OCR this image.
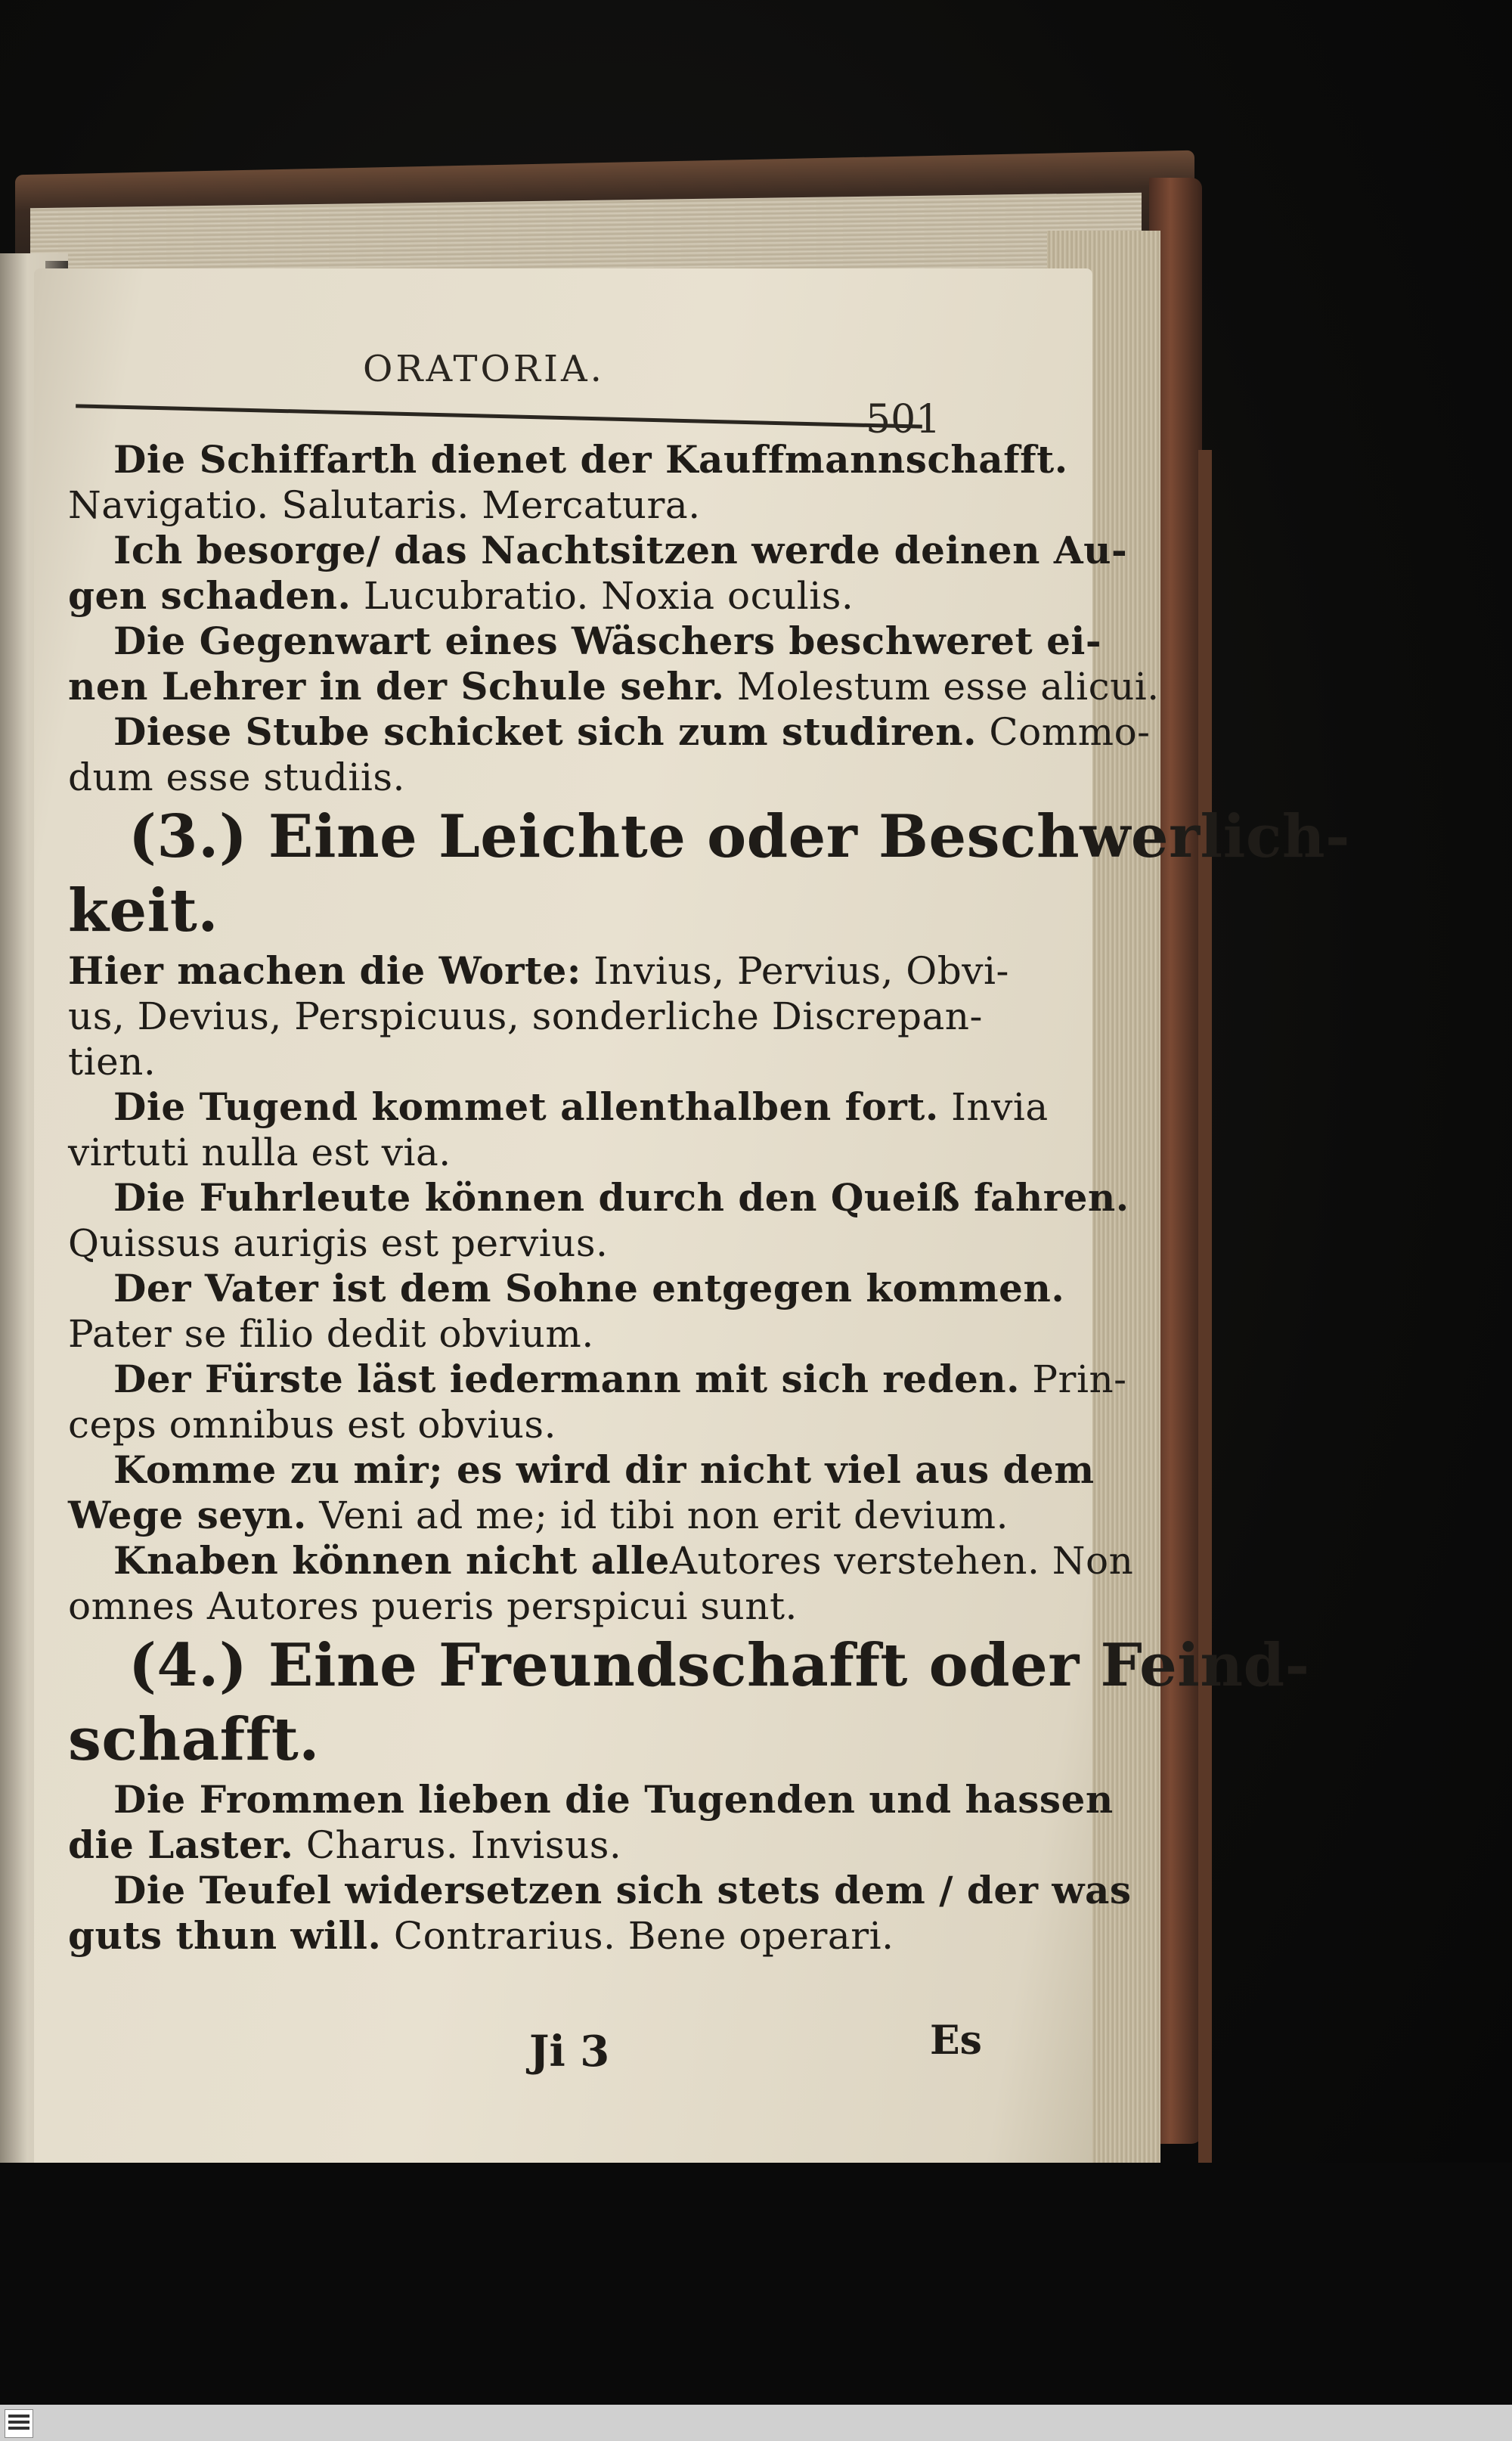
ORATORIA.
501
Die Schiffarth dienet der Kauffmannschafft.
Navigatio. Salutaris. Mercatura.
Ich besorge/ das Nachtsitzen werde deinen Au-
gen schaden. Lucubratio. Noxia oculis.
Die Gegenwart eines Wäschers beschweret ei-
nen Lehrer in der Schule sehr. Molestum esse alicui.
Diese Stube schicket sich zum studiren. Commo-
dum esse studiis.
(3.) Eine Leichte oder Beschwerlich-
keit.
Hier machen die Worte: Invius, Pervius, Obvi-
us, Devius, Perspicuus, sonderliche Discrepan-
tien.
Die Tugend kommet allenthalben fort. Invia
virtuti nulla est via.
Die Fuhrleute können durch den Queiß fahren.
Quissus aurigis est pervius.
Der Vater ist dem Sohne entgegen kommen.
Pater se filio dedit obvium.
Der Fürste läst iedermann mit sich reden. Prin-
ceps omnibus est obvius.
Komme zu mir; es wird dir nicht viel aus dem
Wege seyn. Veni ad me; id tibi non erit devium.
Knaben können nicht alleAutores verstehen. Non
omnes Autores pueris perspicui sunt.
(4.) Eine Freundschafft oder Feind-
schafft.
Die Frommen lieben die Tugenden und hassen
die Laster. Charus. Invisus.
Die Teufel widersetzen sich stets dem / der was
guts thun will. Contrarius. Bene operari.
Ji 3	Es
